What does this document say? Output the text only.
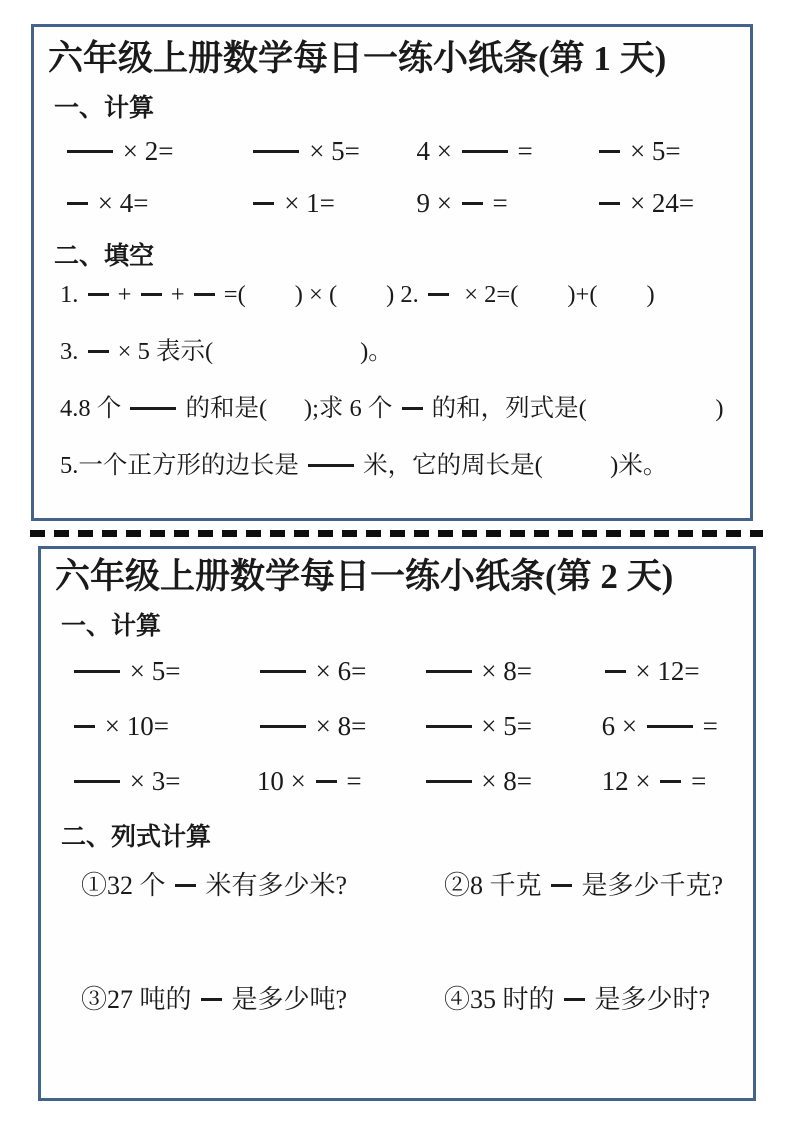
六年级上册数学每日一练小纸条(第 1 天)
一、计算
× 2=	× 5=	4 ×  =	× 5=
× 4=	× 1=	9 ×  =	× 24=
二、填空
1.  +  +  =(        ) × (        ) 2.   × 2=(        )+(        )
3.  × 5 表示(                        )。
4.8 个  的和是(      );求 6 个  的和，列式是(                     )
5.一个正方形的边长是  米，它的周长是(           )米。
六年级上册数学每日一练小纸条(第 2 天)
一、计算
× 5=	× 6=	× 8=	× 12=
× 10=	× 8=	× 5=	6 ×  =
× 3=	10 ×  =	× 8=	12 ×  =
二、列式计算
①32 个  米有多少米?	②8 千克  是多少千克?
③27 吨的  是多少吨?	④35 时的  是多少时?
